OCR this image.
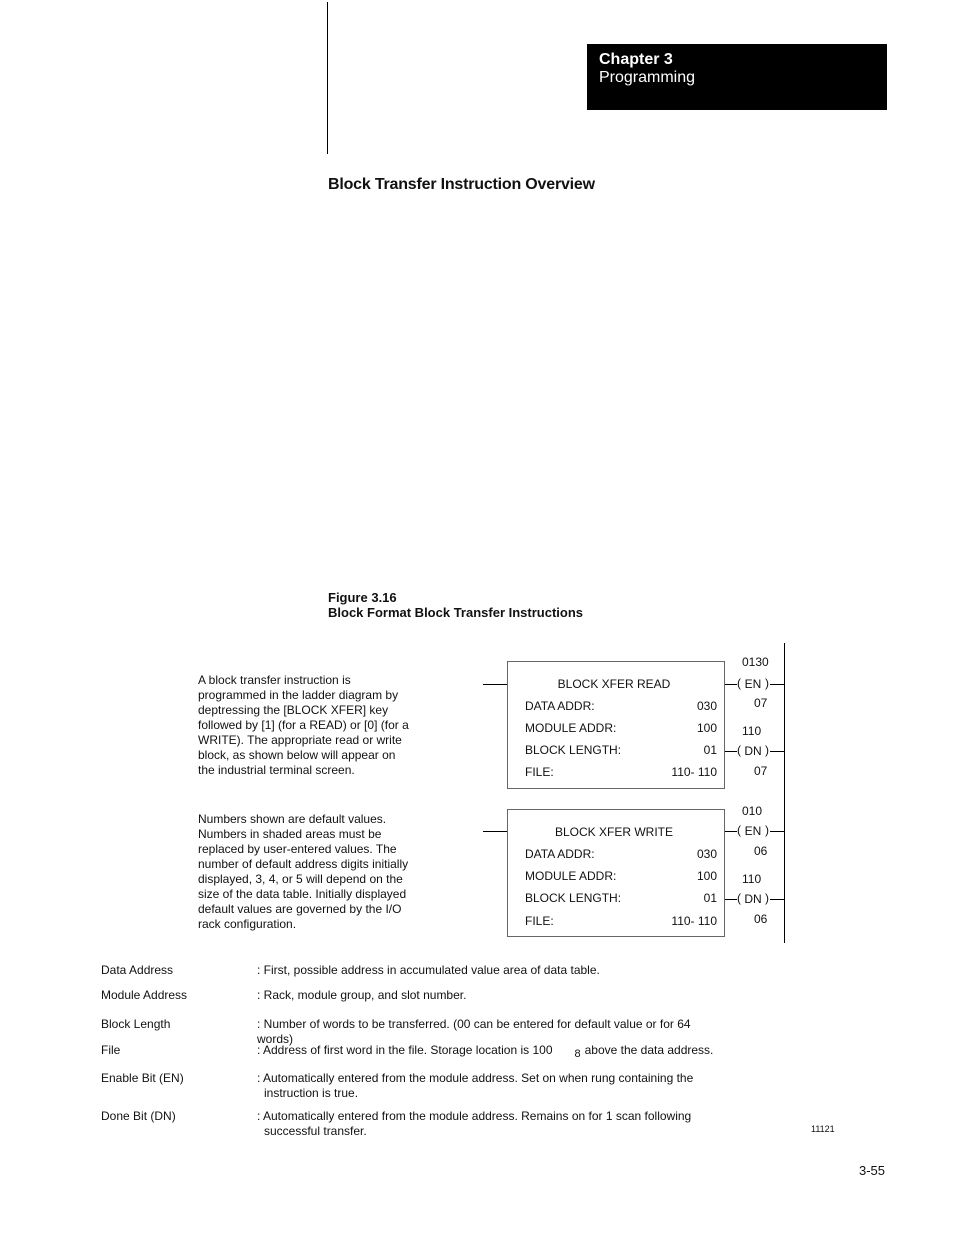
Chapter 3
Programming
Block Transfer Instruction Overview
Figure 3.16
Block Format Block Transfer Instructions
A block transfer instruction is programmed in the ladder diagram by deptressing the [BLOCK XFER] key followed by [1] (for a READ) or [0] (for a WRITE). The appropriate read or write block, as shown below will appear on the industrial terminal screen.
Numbers shown are default values. Numbers in shaded areas must be replaced by user-entered values. The number of default address digits initially displayed, 3, 4, or 5 will depend on the size of the data table. Initially displayed default values are governed by the I/O rack configuration.
BLOCK XFER READ
DATA ADDR:	030
MODULE ADDR:	100
BLOCK LENGTH:	01
FILE:	110- 110
0130
( EN )
07
110
( DN )
07
BLOCK XFER WRITE
DATA ADDR:	030
MODULE ADDR:	100
BLOCK LENGTH:	01
FILE:	110- 110
010
( EN )
06
110
( DN )
06
Data Address	: First, possible address in accumulated value area of data table.
Module Address	: Rack, module group, and slot number.
Block Length	: Number of words to be transferred. (00 can be entered for default value or for 64 words)
File	: Address of first word in the file. Storage location is 100 8 above the data address.
Enable Bit (EN)	: Automatically entered from the module address. Set on when rung containing the
instruction is true.
Done Bit (DN)	: Automatically entered from the module address. Remains on for 1 scan following
successful transfer.	11121
3-55
